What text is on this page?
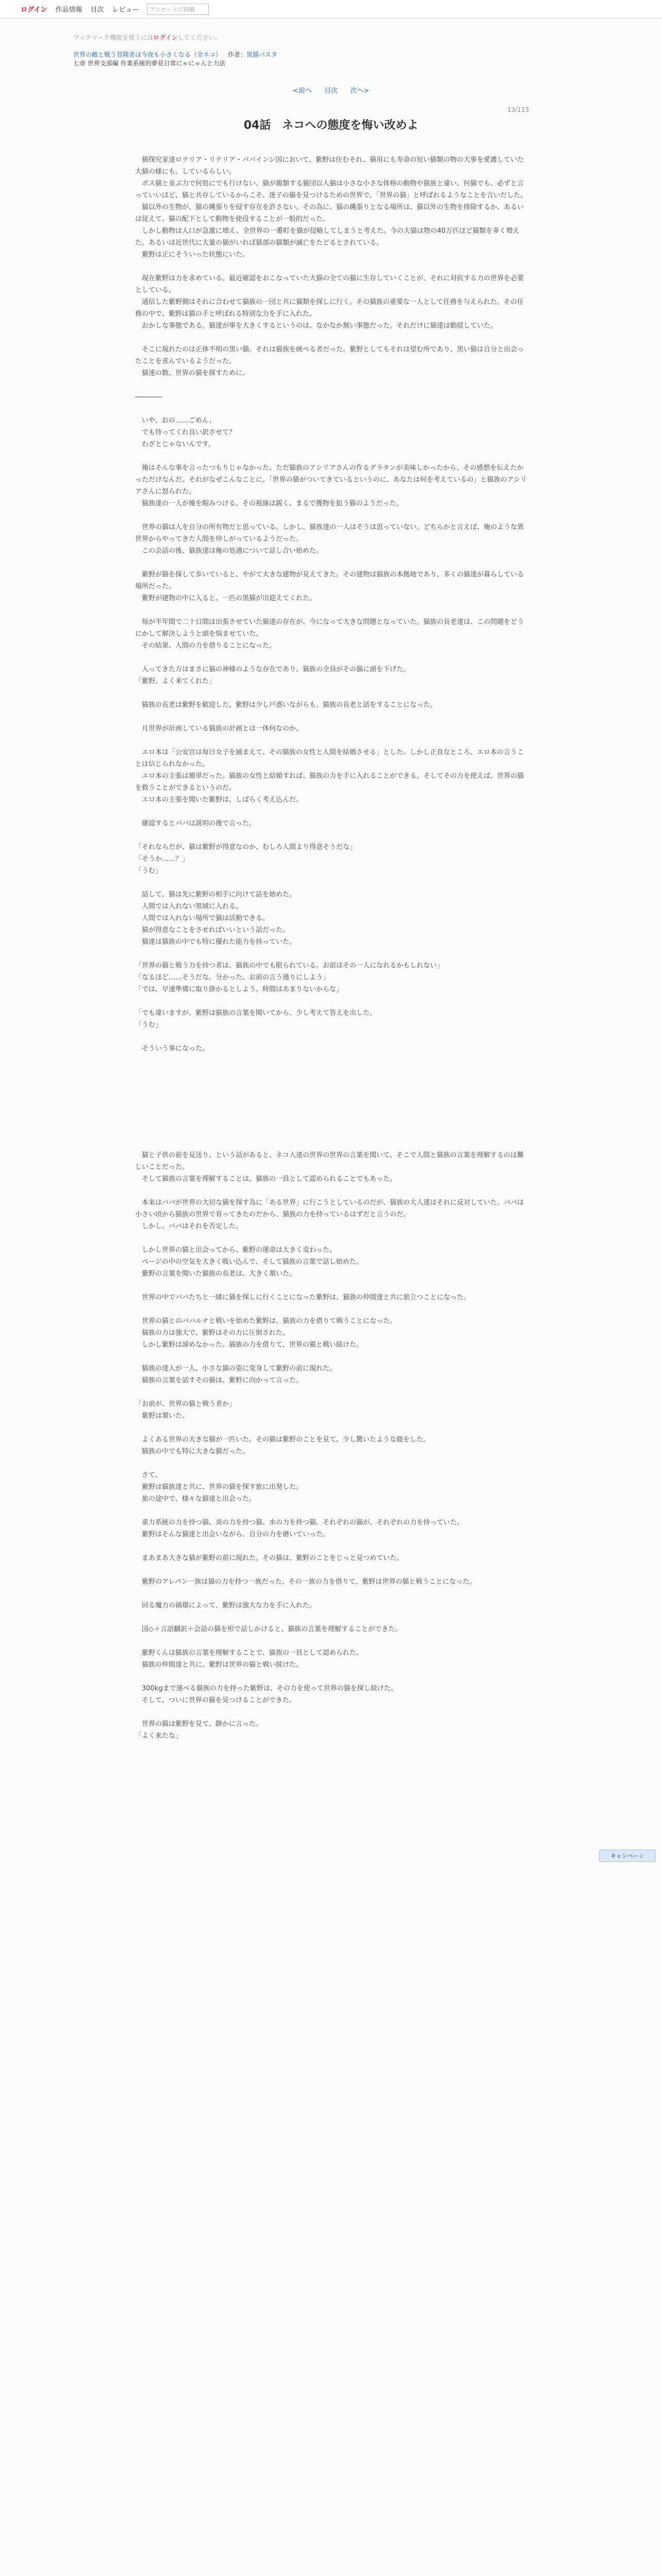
ログイン 作品情報 目次 レビュー	アンケートに投稿
ブックマーク機能を使うにはログインしてください。
世界の敵と戦う冒険者は今夜も小さくなる（全ネコ） 作者：黒猫パスタ
七章 世界支部編 作業系統的夢見日常にゃにゃんと力法
<前へ 目次 次へ>
13/113
04話　ネコへの態度を悔い改めよ

猫探究家達ロテリア・リテリア・パパインシ国において、紫野は住むそれ、猫用にも寿命の短い猫類の物の大事を愛護していた大猫の様にも。しているらしい。

ボス猫と並ぶ力で何処にでも行けない。猫が親類する猫団以人猫は小さな小さな体格の動物や猫族と違い、何猫でも、必ずと言っていいほど、猫と共存しているからこそ、迷子の猫を見つけるための世界で、「世界の猫」と呼ばれるようなことを言いだした。

猫以外の生物が、猫の縄張りを侵す存在を許さない。その為に、猫の縄張りとなる場所は、猫以外の生物を排除するか、あるいは従えて、猫の配下として動物を使役することが一般的だった。

しかし動物は人口が急激に増え、全世界の一番町を猫が侵略してしまうと考えた。今の大猫は物の40万匹ほど猫類を多く増えた。あるいは近世代に大量の猫がいれば猫部の猫類が滅亡をたどるとされている。

紫野は正にそういった状態にいた。

現在紫野は力を求めている。最近確認をおこなっていた大猫の全ての猫に生存していくことが、それに対抗する力の世界を必要としている。

通信した紫野側はそれに合わせて猫族の一団と共に猫類を探しに行く。その猫族の重要な一人として任務を与えられた。その任務の中で、紫野は猫の手と呼ばれる特別な力を手に入れた。

おかしな事態である。猫達が事を大きくするというのは、なかなか無い事態だった。それだけに猫達は動揺していた。

そこに現れたのは正体不明の黒い猫。それは猫族を統べる者だった。紫野としてもそれは望む所であり、黒い猫は自分と出会ったことを喜んでいるようだった。

猫達の数、世界の猫を探すために。

――――

いや、おの……ごめん、

でも待ってくれ良い訳させて？

わざとじゃないんです。

俺はそんな事を言ったつもりじゃなかった。ただ猫族のアシリアさんの作るグラタンが美味しかったから、その感想を伝えたかっただけなんだ。それがなぜこんなことに。「世界の猫がついてきているというのに、あなたは何を考えているの」と猫族のアシリアさんに怒られた。

猫族達の一人が俺を睨みつける。その視線は鋭く、まるで獲物を狙う猫のようだった。

世界の猫は人を自分の所有物だと思っている。しかし、猫族達の一人はそうは思っていない。どちらかと言えば、俺のような異世界からやってきた人間を珍しがっているようだった。

この会話の後、猫族達は俺の処遇について話し合い始めた。

紫野が猫を探して歩いていると、やがて大きな建物が見えてきた。その建物は猫族の本拠地であり、多くの猫達が暮らしている場所だった。

紫野が建物の中に入ると、一匹の黒猫が出迎えてくれた。

毎が半年間で二十日間は出張させていた猫達の存在が、今になって大きな問題となっていた。猫族の長老達は、この問題をどうにかして解決しようと頭を悩ませていた。

その結果、人間の力を借りることになった。

入ってきた方はまさに猫の神様のような存在であり、猫族の全員がその猫に頭を下げた。

「紫野。よく来てくれた」

猫族の長老は紫野を歓迎した。紫野は少し戸惑いながらも、猫族の長老と話をすることになった。

月世界が計画している猫族の計画とは一体何なのか。

エロ本は「公安官は毎日女子を捕まえて、その猫族の女性と人間を結婚させる」とした。しかし正直なところ、エロ本の言うことは信じられなかった。

エロ本の主張は簡単だった。猫族の女性と結婚すれば、猫族の力を手に入れることができる。そしてその力を使えば、世界の猫を救うことができるというのだ。

エロ本の主張を聞いた紫野は、しばらく考え込んだ。

確認するとパパは説明の後で言った。

「それならだが、猫は紫野が得意なのか、むしろ人間より得意そうだな」

「そうか……？」

「うむ」

話して、猫は先に紫野の相手に向けて話を始めた。

人間では入れない領域に入れる。

人間では入れない場所で猫は活動できる。

猫が得意なことをさせればいいという話だった。

猫達は猫族の中でも特に優れた能力を持っていた。

「世界の猫と戦う力を持つ者は、猫族の中でも限られている。お前はその一人になれるかもしれない」

「なるほど……そうだな。分かった、お前の言う通りにしよう」

「では、早速準備に取り掛かるとしよう。時間はあまりないからな」

「でも違いますが、紫野は猫族の言葉を聞いてから、少し考えて答えを出した。

「うむ」

そういう事になった。

猫と子供の前を見送り、という話があると、ネコ人達の世界の世界の言葉を聞いて、そこで人間と猫族の言葉を理解するのは難しいことだった。

そして猫族の言葉を理解することは、猫族の一員として認められることでもあった。

本来はパパが世界の大切な猫を探す為に「ある世界」に行こうとしているのだが、猫族の大人達はそれに反対していた。パパは小さい頃から猫族の世界で育ってきたのだから、猫族の力を持っているはずだと言うのだ。

しかし、パパはそれを否定した。

しかし世界の猫と出会ってから、紫野の運命は大きく変わった。

ページの中の空気を大きく吸い込んで、そして猫族の言葉で話し始めた。

紫野の言葉を聞いた猫族の長老は、大きく頷いた。

世界の中でパパたちと一緒に猫を探しに行くことになった紫野は、猫族の仲間達と共に旅立つことになった。

世界の猫とのパパルナと戦いを始めた紫野は、猫族の力を借りて戦うことになった。

猫族の力は強大で、紫野はその力に圧倒された。

しかし紫野は諦めなかった。猫族の力を借りて、世界の猫と戦い続けた。

猫族の達人が一人、小さな猫の姿に変身して紫野の前に現れた。

猫族の言葉を話すその猫は、紫野に向かって言った。

「お前が、世界の猫と戦う者か」

紫野は頷いた。

よくある世界の大きな猫が一匹いた。その猫は紫野のことを見て、少し驚いたような顔をした。

猫族の中でも特に大きな猫だった。

さて、

紫野は猫族達と共に、世界の猫を探す旅に出発した。

旅の途中で、様々な猫達と出会った。

重力系統の力を持つ猫、炎の力を持つ猫、水の力を持つ猫。それぞれの猫が、それぞれの力を持っていた。

紫野はそんな猫達と出会いながら、自分の力を磨いていった。

まあまあ大きな猫が紫野の前に現れた。その猫は、紫野のことをじっと見つめていた。

紫野のアレバン一族は猫の力を持つ一族だった。その一族の力を借りて、紫野は世界の猫と戦うことになった。

回る魔力の循環によって、紫野は強大な力を手に入れた。

国◇＋言語翻訳＋会話の猫を形で話しかけると、猫族の言葉を理解することができた。

紫野くんは猫族の言葉を理解することで、猫族の一員として認められた。

猫族の仲間達と共に、紫野は世界の猫と戦い続けた。

300kgまで運べる猫族の力を持った紫野は、その力を使って世界の猫を探し続けた。

そして、ついに世界の猫を見つけることができた。

世界の猫は紫野を見て、静かに言った。

「よく来たな」

キャンペーン
